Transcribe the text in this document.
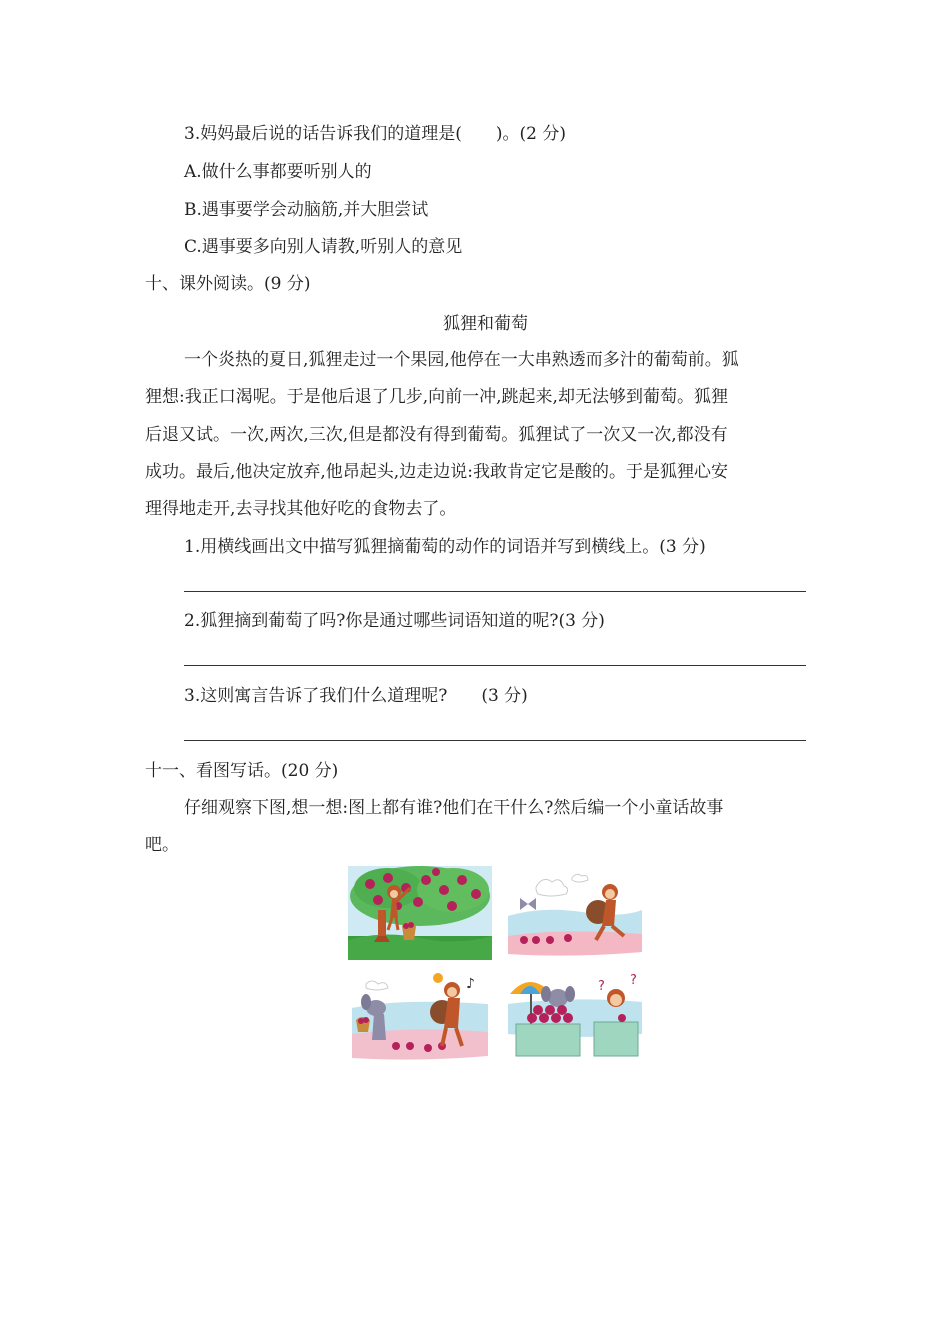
3.妈妈最后说的话告诉我们的道理是(　　)。(2 分)
A.做什么事都要听别人的
B.遇事要学会动脑筋,并大胆尝试
C.遇事要多向别人请教,听别人的意见
十、课外阅读。(9 分)
狐狸和葡萄
一个炎热的夏日,狐狸走过一个果园,他停在一大串熟透而多汁的葡萄前。狐
狸想:我正口渴呢。于是他后退了几步,向前一冲,跳起来,却无法够到葡萄。狐狸
后退又试。一次,两次,三次,但是都没有得到葡萄。狐狸试了一次又一次,都没有
成功。最后,他决定放弃,他昂起头,边走边说:我敢肯定它是酸的。于是狐狸心安
理得地走开,去寻找其他好吃的食物去了。
1.用横线画出文中描写狐狸摘葡萄的动作的词语并写到横线上。(3 分)
2.狐狸摘到葡萄了吗?你是通过哪些词语知道的呢?(3 分)
3.这则寓言告诉了我们什么道理呢?　　(3 分)
十一、看图写话。(20 分)
仔细观察下图,想一想:图上都有谁?他们在干什么?然后编一个小童话故事
吧。
♪	? ?
